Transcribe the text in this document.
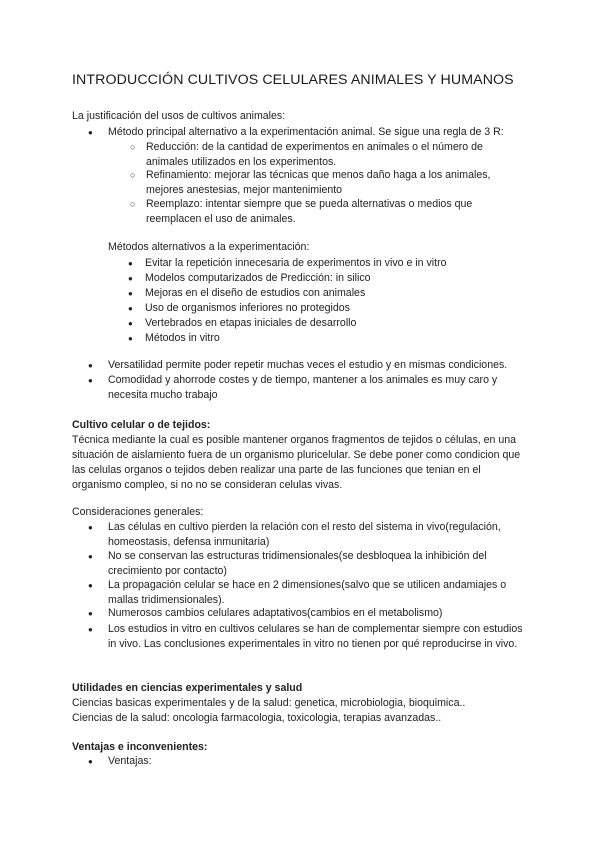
INTRODUCCIÓN CULTIVOS CELULARES ANIMALES Y HUMANOS
La justificación del usos de cultivos animales:
● Método principal alternativo a la experimentación animal. Se sigue una regla de 3 R:
○ Reducción: de la cantidad de experimentos en animales o el número de animales utilizados en los experimentos.
○ Refinamiento: mejorar las técnicas que menos daño haga a los animales, mejores anestesias, mejor mantenimiento
○ Reemplazo: intentar siempre que se pueda alternativas o medios que reemplacen el uso de animales.
Métodos alternativos a la experimentación:
● Evitar la repetición innecesaria de experimentos in vivo e in vitro
● Modelos computarizados de Predicción: in silico
● Mejoras en el diseño de estudios con animales
● Uso de organismos inferiores no protegidos
● Vertebrados en etapas iniciales de desarrollo
● Métodos in vitro
● Versatilidad permite poder repetir muchas veces el estudio y en mismas condiciones.
● Comodidad y ahorrode costes y de tiempo, mantener a los animales es muy caro y necesita mucho trabajo
Cultivo celular o de tejidos:
Técnica mediante la cual es posible mantener organos fragmentos de tejidos o células, en una situación de aislamiento fuera de un organismo pluricelular. Se debe poner como condicion que las celulas organos o tejidos deben realizar una parte de las funciones que tenian en el organismo compleo, si no no se consideran celulas vivas.
Consideraciones generales:
● Las células en cultivo pierden la relación con el resto del sistema in vivo(regulación, homeostasis, defensa inmunitaria)
● No se conservan las estructuras tridimensionales(se desbloquea la inhibición del crecimiento por contacto)
● La propagación celular se hace en 2 dimensiones(salvo que se utilicen andamiajes o mallas tridimensionales).
● Numerosos cambios celulares adaptativos(cambios en el metabolismo)
● Los estudios in vitro en cultivos celulares se han de complementar siempre con estudios in vivo. Las conclusiones experimentales in vitro no tienen por qué reproducirse in vivo.
Utilidades en ciencias experimentales y salud
Ciencias basicas experimentales y de la salud: genetica, microbiologia, bioquimica..
Ciencias de la salud: oncologia farmacologia, toxicologia, terapias avanzadas..
Ventajas e inconvenientes:
● Ventajas:
